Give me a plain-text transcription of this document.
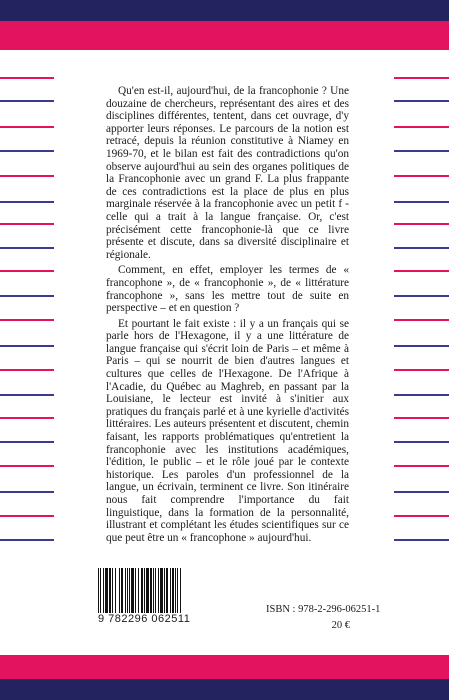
Qu'en est-il, aujourd'hui, de la francophonie ? Une douzaine de chercheurs, représentant des aires et des disciplines différentes, tentent, dans cet ouvrage, d'y apporter leurs réponses. Le parcours de la notion est retracé, depuis la réunion constitutive à Niamey en 1969-70, et le bilan est fait des contradictions qu'on observe aujourd'hui au sein des organes politiques de la Francophonie avec un grand F. La plus frappante de ces contradictions est la place de plus en plus marginale réservée à la francophonie avec un petit f - celle qui a trait à la langue française. Or, c'est précisément cette francophonie-là que ce livre présente et discute, dans sa diversité disciplinaire et régionale.

Comment, en effet, employer les termes de « francophone », de « francophonie », de « littérature francophone », sans les mettre tout de suite en perspective – et en question ?

Et pourtant le fait existe : il y a un français qui se parle hors de l'Hexagone, il y a une littérature de langue française qui s'écrit loin de Paris – et même à Paris – qui se nourrit de bien d'autres langues et cultures que celles de l'Hexagone. De l'Afrique à l'Acadie, du Québec au Maghreb, en passant par la Louisiane, le lecteur est invité à s'initier aux pratiques du français parlé et à une kyrielle d'activités littéraires. Les auteurs présentent et discutent, chemin faisant, les rapports problématiques qu'entretient la francophonie avec les institutions académiques, l'édition, le public – et le rôle joué par le contexte historique. Les paroles d'un professionnel de la langue, un écrivain, terminent ce livre. Son itinéraire nous fait comprendre l'importance du fait linguistique, dans la formation de la personnalité, illustrant et complétant les études scientifiques sur ce que peut être un « francophone » aujourd'hui.

9 782296 062511
ISBN : 978-2-296-06251-1
20 €
